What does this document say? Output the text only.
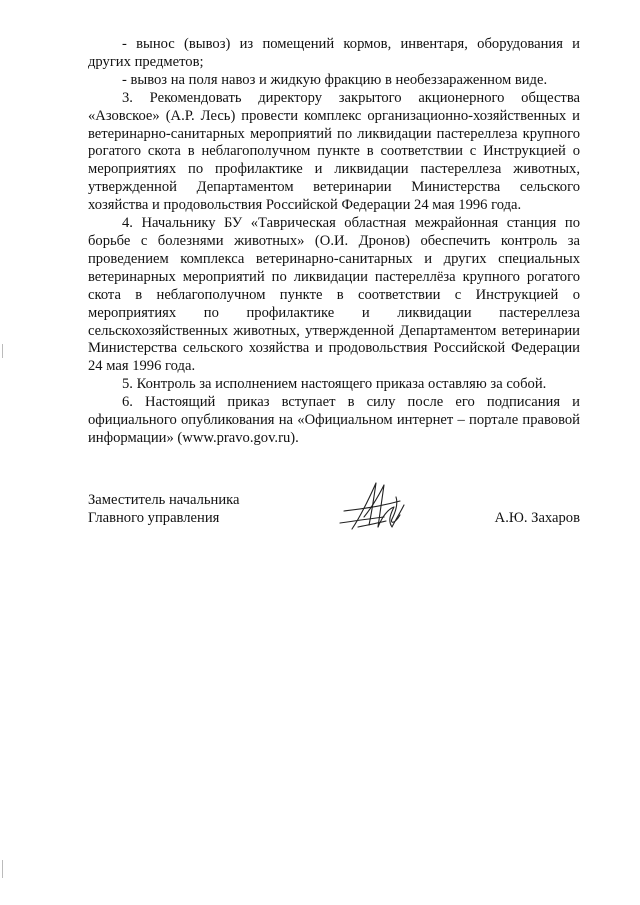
- вынос (вывоз) из помещений кормов, инвентаря, оборудования и других предметов;

- вывоз на поля навоз и жидкую фракцию в необеззараженном виде.

3. Рекомендовать директору закрытого акционерного общества «Азовское» (А.Р. Лесь) провести комплекс организационно-хозяйственных и ветеринарно-санитарных мероприятий по ликвидации пастереллеза крупного рогатого скота в неблагополучном пункте в соответствии с Инструкцией о мероприятиях по профилактике и ликвидации пастереллеза животных, утвержденной Департаментом ветеринарии Министерства сельского хозяйства и продовольствия Российской Федерации 24 мая 1996 года.

4. Начальнику БУ «Таврическая областная межрайонная станция по борьбе с болезнями животных» (О.И. Дронов) обеспечить контроль за проведением комплекса ветеринарно-санитарных и других специальных ветеринарных мероприятий по ликвидации пастереллёза крупного рогатого скота в неблагополучном пункте в соответствии с Инструкцией о мероприятиях по профилактике и ликвидации пастереллеза сельскохозяйственных животных, утвержденной Департаментом ветеринарии Министерства сельского хозяйства и продовольствия Российской Федерации 24 мая 1996 года.

5. Контроль за исполнением настоящего приказа оставляю за собой.

6. Настоящий приказ вступает в силу после его подписания и официального опубликования на «Официальном интернет – портале правовой информации» (www.pravo.gov.ru).

Заместитель начальника
Главного управления	А.Ю. Захаров
